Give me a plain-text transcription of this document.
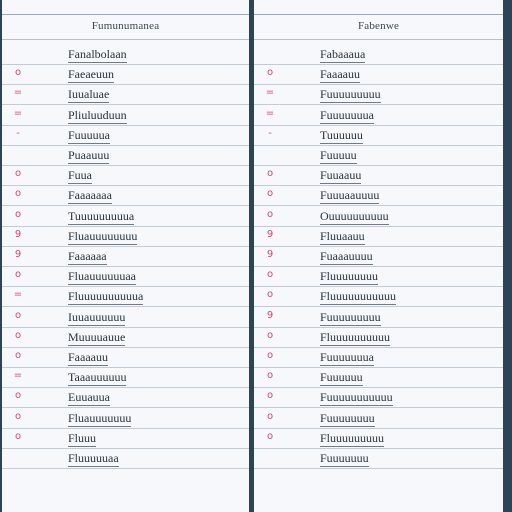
Fumunumanea
Fanalbolaan
o	Faeaeuun
=	Iuualuae
=	Pliuluuduun
-	Fuuuuua
Puaauuu
o	Fuua
o	Faaaaaaa
o	Tuuuuuuuuua
9	Fluauuuuuuuu
9	Faaaaaa
o	Fluauuuuuuaa
=	Fluuuuuuuuuua
o	Iuuauuuuuu
o	Muuuuauue
o	Faaaauu
=	Taaauuuuuu
o	Euuauua
o	Fluauuuuuuu
o	Fluuu
Fluuuuuaa
Fabenwe
Fabaaaua
o	Faaaauu
=	Fuuuuuuuuu
=	Fuuuuuuua
-	Tuuuuuu
Fuuuuu
o	Fuuaauu
o	Fuuuaauuuu
o	Ouuuuuuuuuu
9	Fluuaauu
9	Fuaaauuuu
o	Fluuuuuuuu
o	Fluuuuuuuuuuu
9	Fuuuuuuuuu
o	Fluuuuuuuuuu
o	Fuuuuuuua
o	Fuuuuuu
o	Fuuuuuuuuuuu
o	Fuuuuuuuu
o	Fluuuuuuuuu
Fuuuuuuu
